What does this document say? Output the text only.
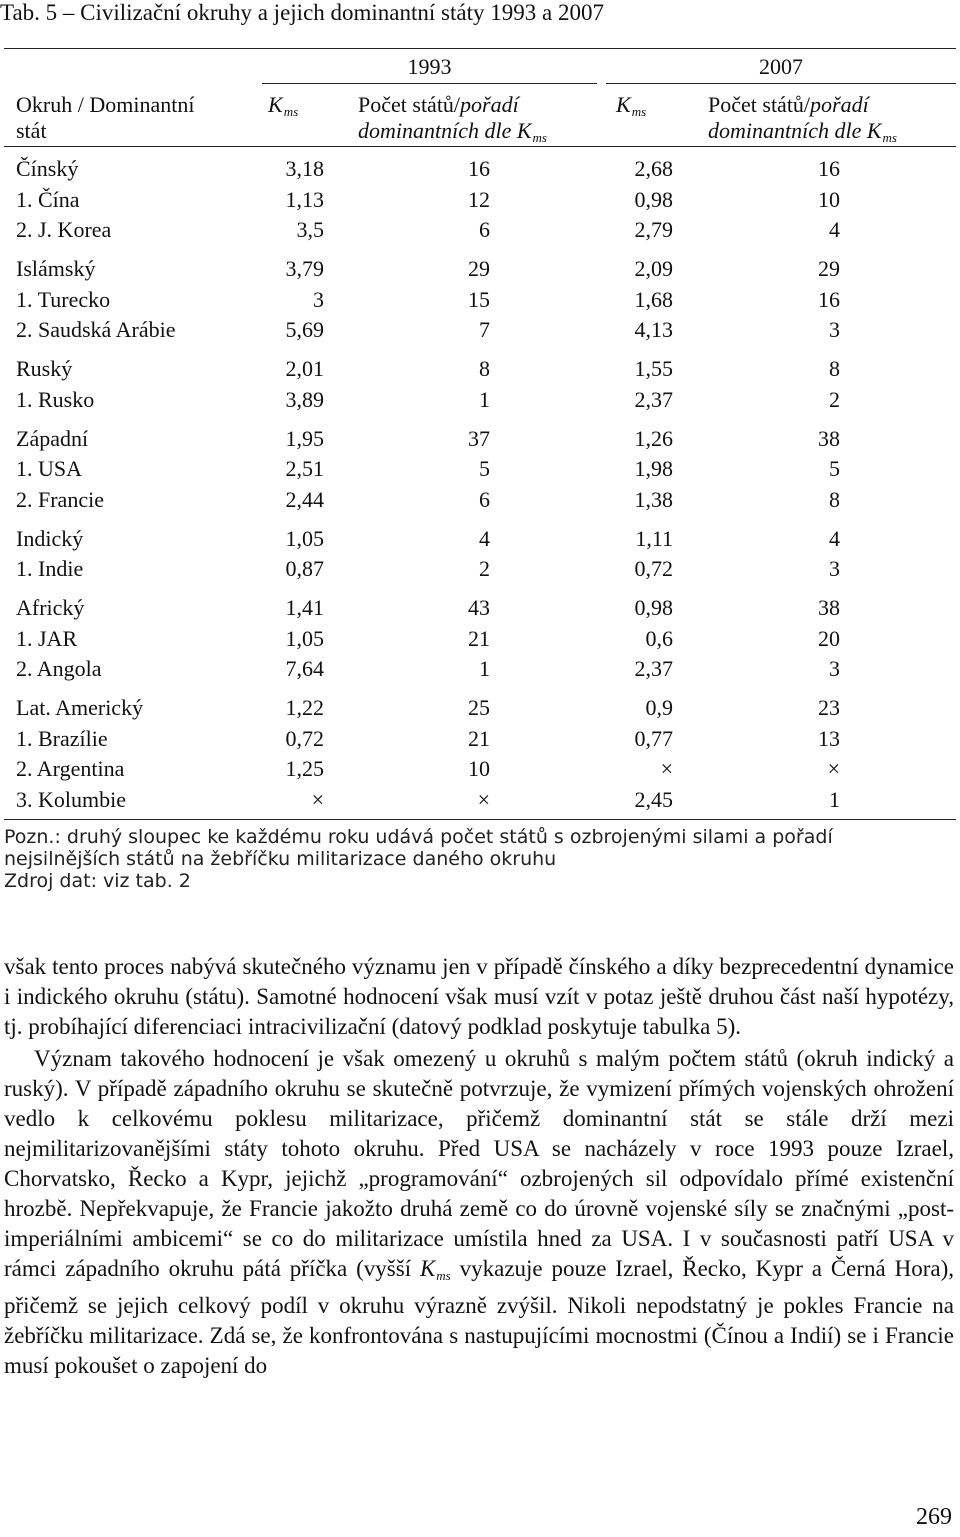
Tab. 5 – Civilizační okruhy a jejich dominantní státy 1993 a 2007
1993	2007
Okruh / Dominantní
stát
$K_{ms}$	Počet států/pořadí
dominantních dle $K_{ms}$
$K_{ms}$	Počet států/pořadí
dominantních dle $K_{ms}$
Čínský	3,18	16	2,68	16
1. Čína	1,13	12	0,98	10
2. J. Korea	3,5	6	2,79	4
Islámský	3,79	29	2,09	29
1. Turecko	3	15	1,68	16
2. Saudská Arábie	5,69	7	4,13	3
Ruský	2,01	8	1,55	8
1. Rusko	3,89	1	2,37	2
Západní	1,95	37	1,26	38
1. USA	2,51	5	1,98	5
2. Francie	2,44	6	1,38	8
Indický	1,05	4	1,11	4
1. Indie	0,87	2	0,72	3
Africký	1,41	43	0,98	38
1. JAR	1,05	21	0,6	20
2. Angola	7,64	1	2,37	3
Lat. Americký	1,22	25	0,9	23
1. Brazílie	0,72	21	0,77	13
2. Argentina	1,25	10	×	×
3. Kolumbie	×	×	2,45	1
Pozn.: druhý sloupec ke každému roku udává počet států s ozbrojenými silami a pořadí nejsilnějších států na žebříčku militarizace daného okruhu
Zdroj dat: viz tab. 2

však tento proces nabývá skutečného významu jen v případě čínského a díky bezprecedentní dynamice i indického okruhu (státu). Samotné hodnocení však musí vzít v potaz ještě druhou část naší hypotézy, tj. probíhající diferenciaci intracivilizační (datový podklad poskytuje tabulka 5).

Význam takového hodnocení je však omezený u okruhů s malým počtem států (okruh indický a ruský). V případě západního okruhu se skutečně potvrzuje, že vymizení přímých vojenských ohrožení vedlo k celkovému poklesu militarizace, přičemž dominantní stát se stále drží mezi nejmilitarizovanějšími státy tohoto okruhu. Před USA se nacházely v roce 1993 pouze Izrael, Chorvatsko, Řecko a Kypr, jejichž „programování“ ozbrojených sil odpovídalo přímé existenční hrozbě. Nepřekvapuje, že Francie jakožto druhá země co do úrovně vojenské síly se značnými „post-imperiálními ambicemi“ se co do militarizace umístila hned za USA. I v současnosti patří USA v rámci západního okruhu pátá příčka (vyšší $K_{ms}$ vykazuje pouze Izrael, Řecko, Kypr a Černá Hora), přičemž se jejich celkový podíl v okruhu výrazně zvýšil. Nikoli nepodstatný je pokles Francie na žebříčku militarizace. Zdá se, že konfrontována s nastupujícími mocnostmi (Čínou a Indií) se i Francie musí pokoušet o zapojení do

269
